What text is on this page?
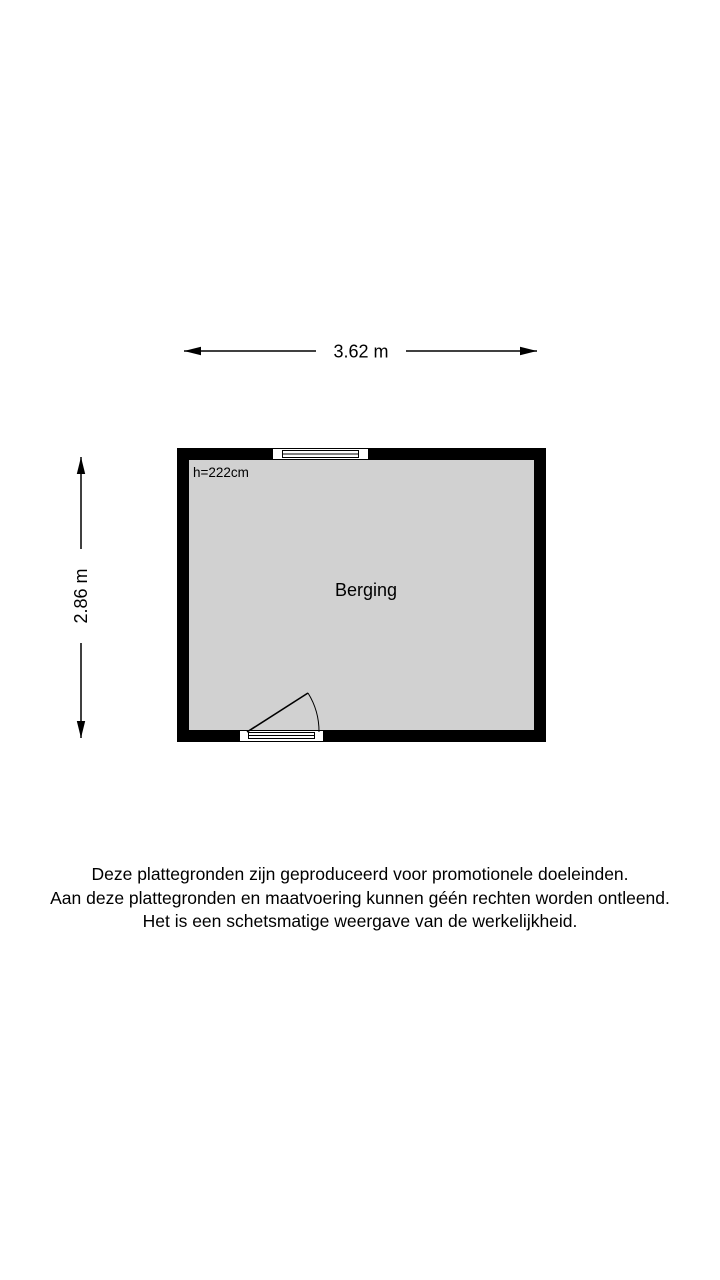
3.62 m
2.86 m
h=222cm
Berging
Deze plattegronden zijn geproduceerd voor promotionele doeleinden.
Aan deze plattegronden en maatvoering kunnen géén rechten worden ontleend.
Het is een schetsmatige weergave van de werkelijkheid.
